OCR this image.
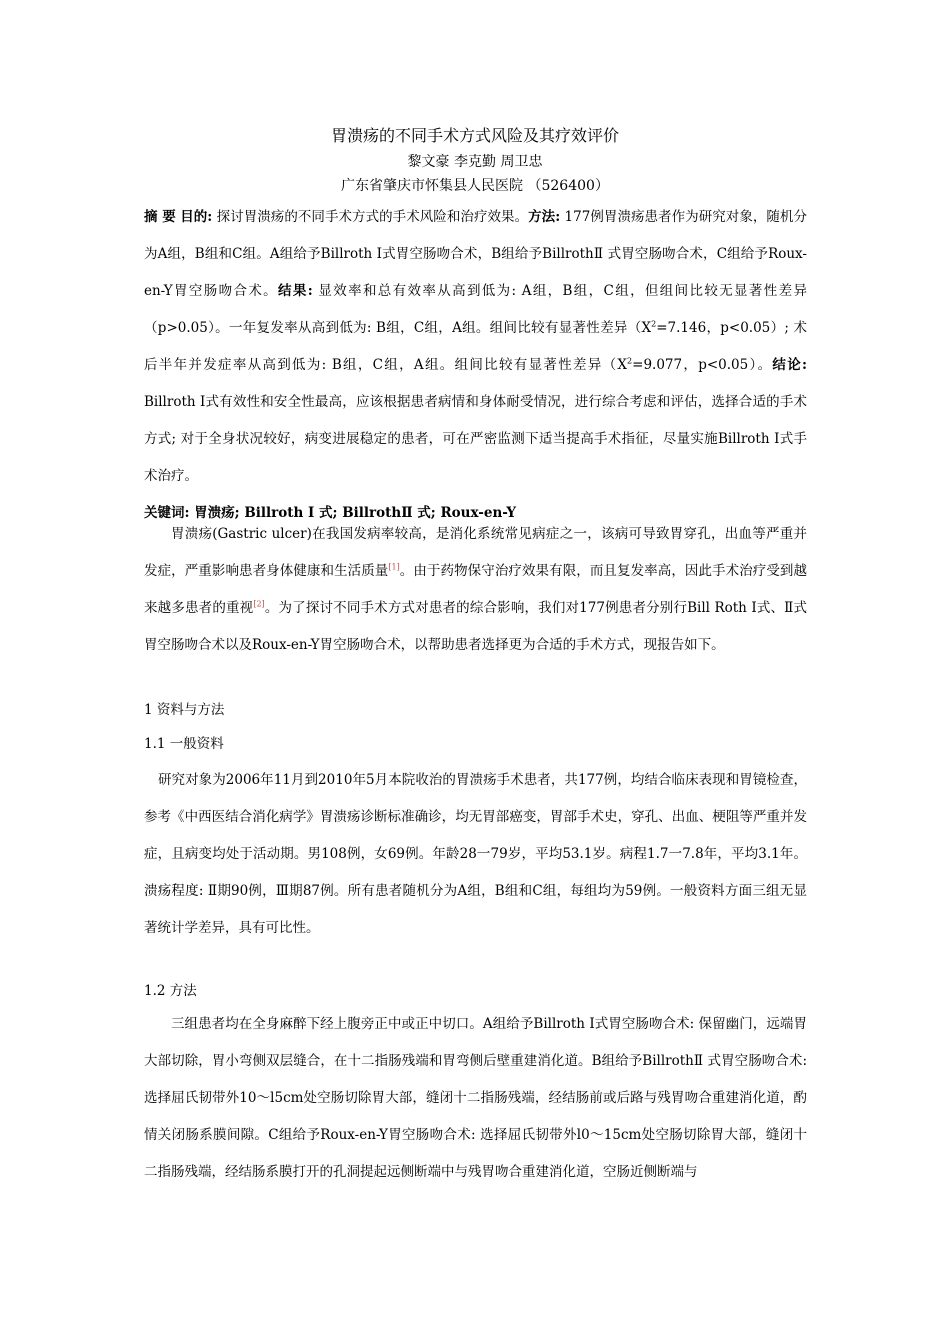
胃溃疡的不同手术方式风险及其疗效评价
黎文豪 李克勤 周卫忠
广东省肇庆市怀集县人民医院 （526400）
摘 要 目的: 探讨胃溃疡的不同手术方式的手术风险和治疗效果。方法: 177例胃溃疡患者作为研究对象，随机分为A组，B组和C组。A组给予Billroth I式胃空肠吻合术，B组给予BillrothⅡ 式胃空肠吻合术，C组给予Roux-en-Y胃空肠吻合术。结果: 显效率和总有效率从高到低为: A组，B组，C组，但组间比较无显著性差异（p>0.05）。一年复发率从高到低为: B组，C组，A组。组间比较有显著性差异（$X^2=7.146$，p<0.05）; 术后半年并发症率从高到低为: B组，C组，A组。组间比较有显著性差异（$X^2=9.077$，p<0.05）。结论: Billroth I式有效性和安全性最高，应该根据患者病情和身体耐受情况，进行综合考虑和评估，选择合适的手术方式; 对于全身状况较好，病变进展稳定的患者，可在严密监测下适当提高手术指征，尽量实施Billroth I式手术治疗。
关键词: 胃溃疡; Billroth I 式; BillrothⅡ 式; Roux-en-Y
胃溃疡(Gastric ulcer)在我国发病率较高，是消化系统常见病症之一，该病可导致胃穿孔，出血等严重并发症，严重影响患者身体健康和生活质量[1]。由于药物保守治疗效果有限，而且复发率高，因此手术治疗受到越来越多患者的重视[2]。为了探讨不同手术方式对患者的综合影响，我们对177例患者分别行Bill Roth Ⅰ式、Ⅱ式胃空肠吻合术以及Roux-en-Y胃空肠吻合术，以帮助患者选择更为合适的手术方式，现报告如下。
1 资料与方法
1.1 一般资料
研究对象为2006年11月到2010年5月本院收治的胃溃疡手术患者，共177例，均结合临床表现和胃镜检查，参考《中西医结合消化病学》胃溃疡诊断标准确诊，均无胃部癌变，胃部手术史，穿孔、出血、梗阻等严重并发症，且病变均处于活动期。男108例，女69例。年龄28一79岁，平均53.1岁。病程1.7一7.8年，平均3.1年。溃疡程度: Ⅱ期90例，Ⅲ期87例。所有患者随机分为A组，B组和C组，每组均为59例。一般资料方面三组无显著统计学差异，具有可比性。
1.2 方法
三组患者均在全身麻醉下经上腹旁正中或正中切口。A组给予Billroth I式胃空肠吻合术: 保留幽门，远端胃大部切除，胃小弯侧双层缝合，在十二指肠残端和胃弯侧后壁重建消化道。B组给予BillrothⅡ 式胃空肠吻合术: 选择屈氏韧带外10～l5cm处空肠切除胃大部，缝闭十二指肠残端，经结肠前或后路与残胃吻合重建消化道，酌情关闭肠系膜间隙。C组给予Roux-en-Y胃空肠吻合术: 选择屈氏韧带外l0～15cm处空肠切除胃大部，缝闭十二指肠残端，经结肠系膜打开的孔洞提起远侧断端中与残胃吻合重建消化道，空肠近侧断端与
